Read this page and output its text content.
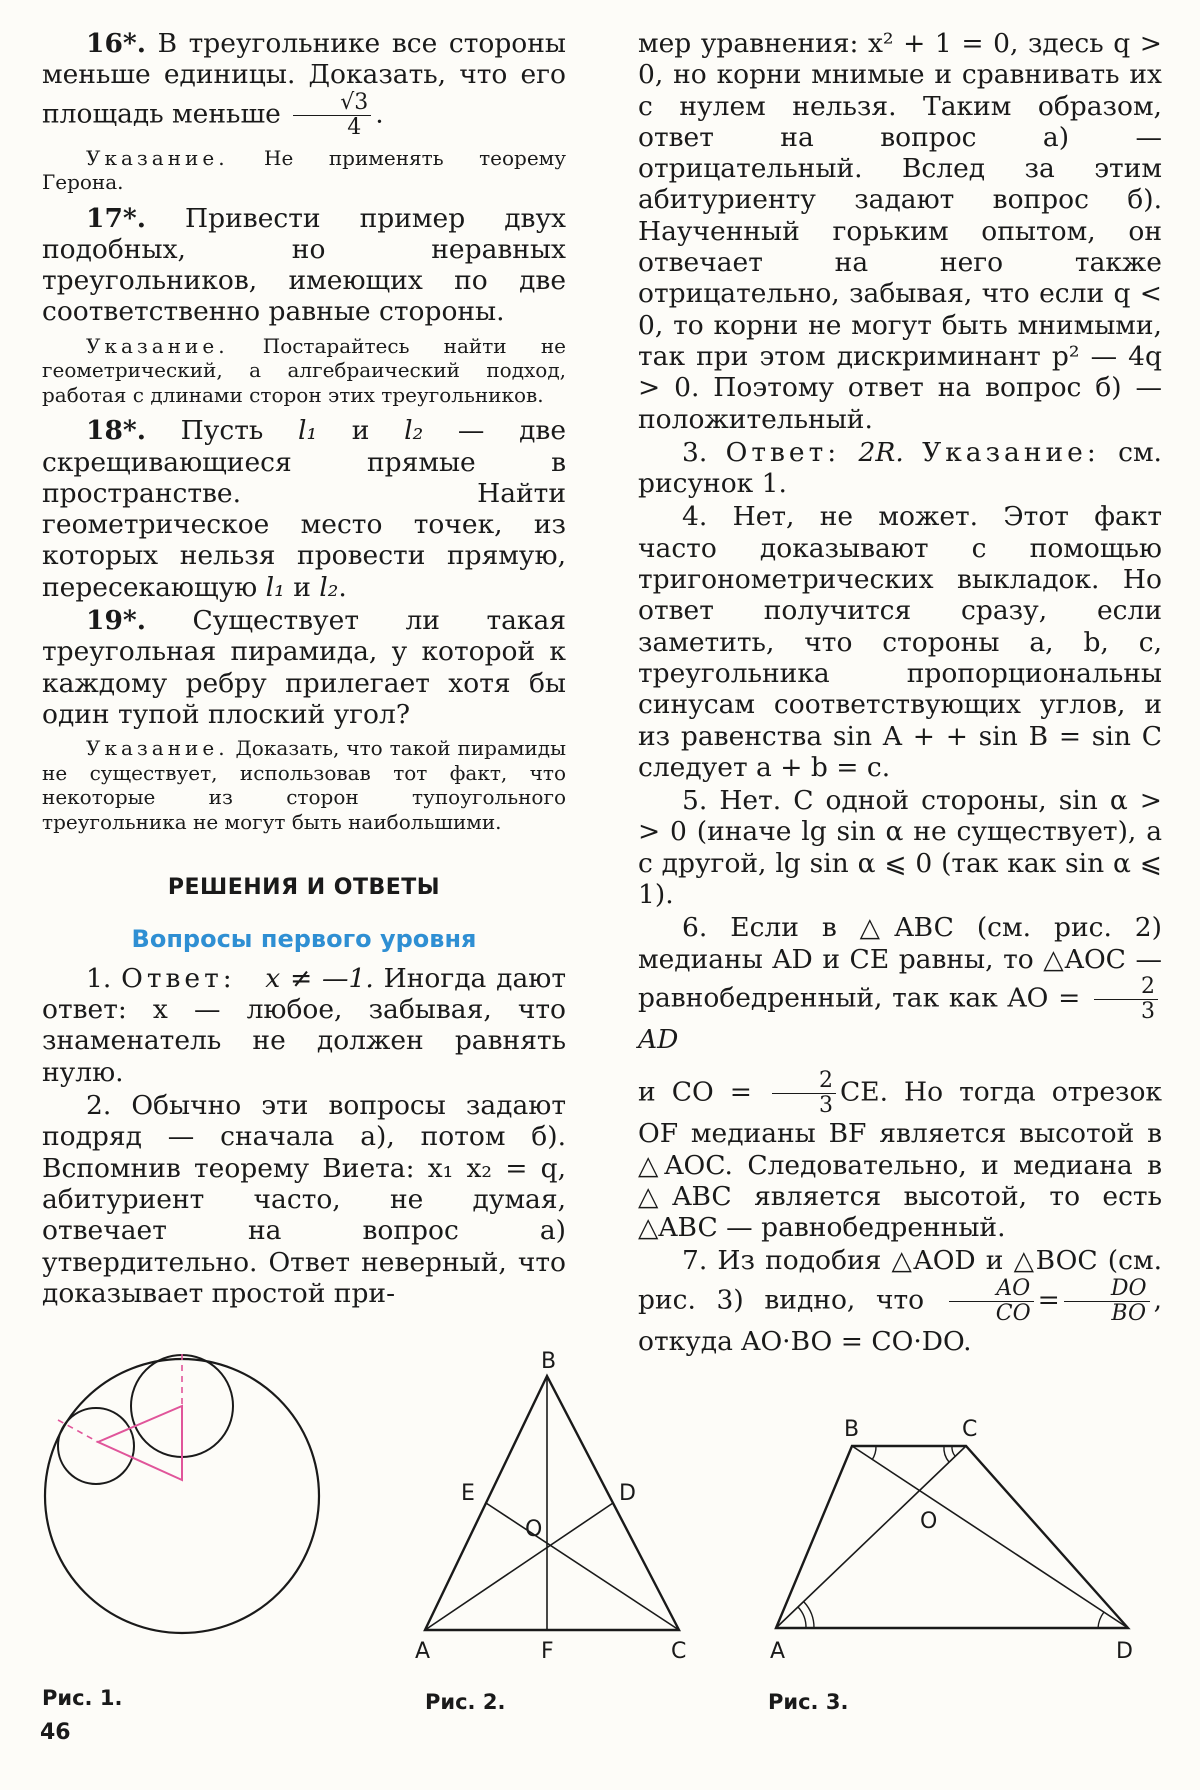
16*. В треугольнике все стороны меньше единицы. Доказать, что его площадь меньше $\frac{√3}{4}$ .

Указание. Не применять теорему Герона.

17*. Привести пример двух подобных, но неравных треугольников, имеющих по две соответственно равные стороны.

Указание. Постарайтесь найти не геометрический, а алгебраический подход, работая с длинами сторон этих треугольников.

18*. Пусть l₁ и l₂ — две скрещивающиеся прямые в пространстве. Найти геометрическое место точек, из которых нельзя провести прямую, пересекающую l₁ и l₂.

19*. Существует ли такая треугольная пирамида, у которой к каждому ребру прилегает хотя бы один тупой плоский угол?

Указание. Доказать, что такой пирамиды не существует, использовав тот факт, что некоторые из сторон тупоугольного треугольника не могут быть наибольшими.

РЕШЕНИЯ И ОТВЕТЫ
Вопросы первого уровня

1. Ответ: x ≠ —1. Иногда дают ответ: x — любое, забывая, что знаменатель не должен равнять нулю.

2. Обычно эти вопросы задают подряд — сначала а), потом б). Вспомнив теорему Виета: x₁ x₂ = q, абитуриент часто, не думая, отвечает на вопрос а) утвердительно. Ответ неверный, что доказывает простой при-

мер уравнения: x² + 1 = 0, здесь q > 0, но корни мнимые и сравнивать их с нулем нельзя. Таким образом, ответ на вопрос а) — отрицательный. Вслед за этим абитуриенту задают вопрос б). Наученный горьким опытом, он отвечает на него также отрицательно, забывая, что если q < 0, то корни не могут быть мнимыми, так при этом дискриминант p² — 4q > 0. Поэтому ответ на вопрос б) — положительный.

3. Ответ: 2R. Указание: см. рисунок 1.

4. Нет, не может. Этот факт часто доказывают с помощью тригонометрических выкладок. Но ответ получится сразу, если заметить, что стороны a, b, c, треугольника пропорциональны синусам соответствующих углов, и из равенства sin A + + sin B = sin C следует a + b = c.

5. Нет. С одной стороны, sin α > > 0 (иначе lg sin α не существует), а с другой, lg sin α ⩽ 0 (так как sin α ⩽ 1).

6. Если в △ABC (см. рис. 2) медианы AD и CE равны, то △AOC — равнобедренный, так как AO = $\frac{2}{3}$
AD
и CO = $\frac{2}{3}$ CE. Но тогда отрезок OF медианы BF является высотой в △AOC. Следовательно, и медиана в △ABC является высотой, то есть △ABC — равнобедренный.

7. Из подобия △AOD и △BOC (см. рис. 3) видно, что $\frac{AO}{CO} = \frac{DO}{BO}$ , откуда AO·BO = CO·DO.

B
E	D
O
A	F	C
B	C
O
A	D
Рис. 1.	Рис. 2.	Рис. 3.
46
